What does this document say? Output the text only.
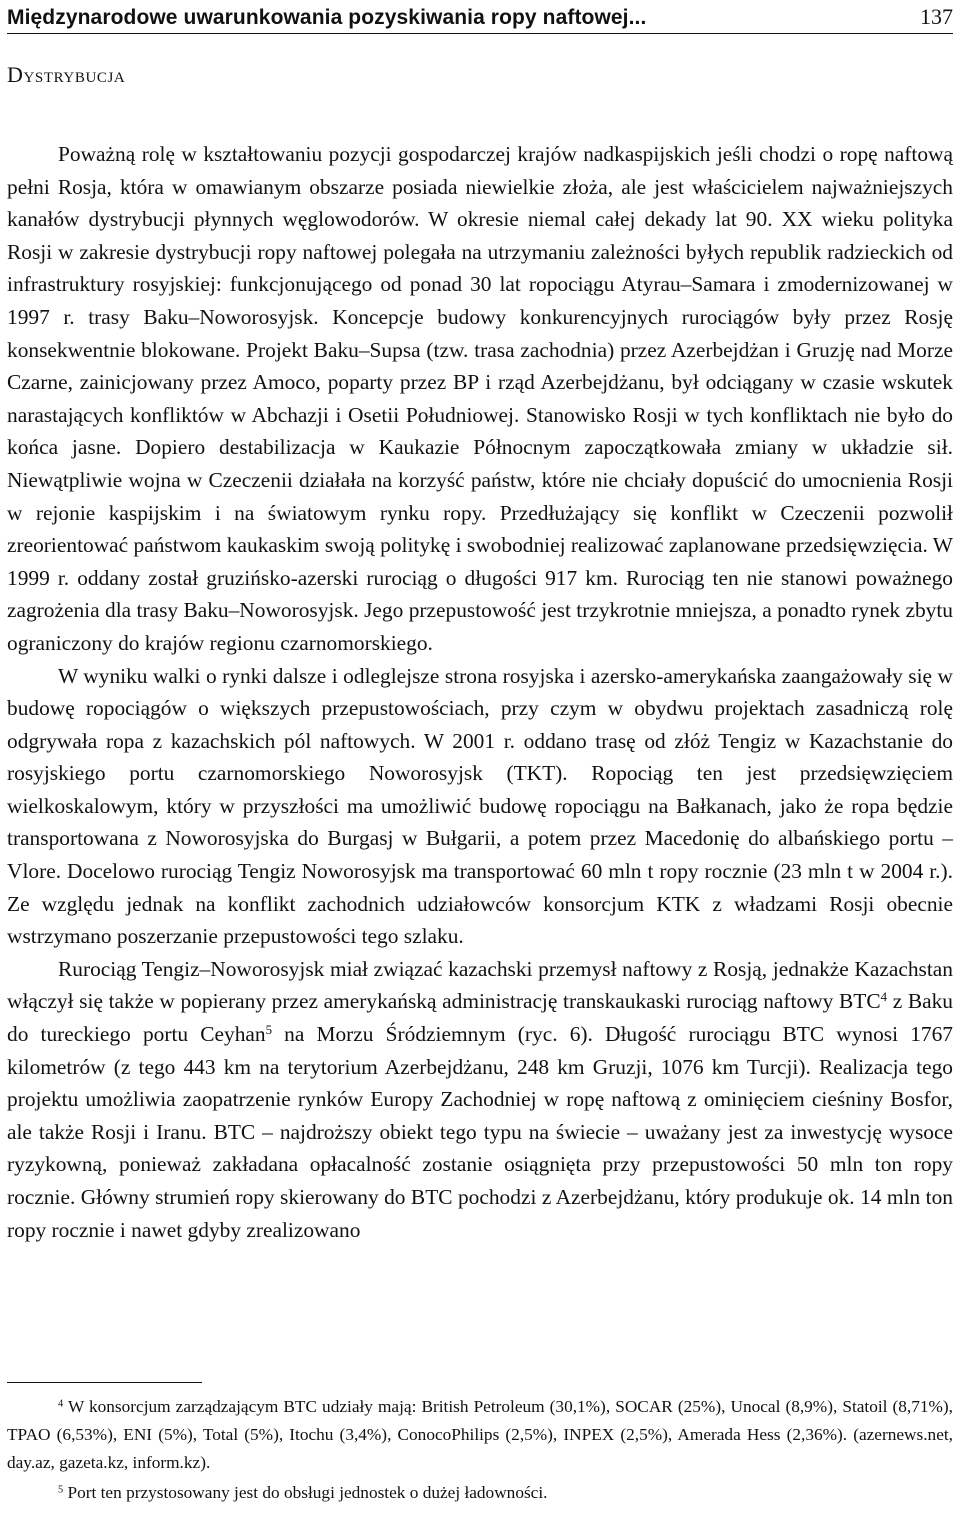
Międzynarodowe uwarunkowania pozyskiwania ropy naftowej...	137
Dystrybucja

Poważną rolę w kształtowaniu pozycji gospodarczej krajów nadkaspijskich jeśli chodzi o ropę naftową pełni Rosja, która w omawianym obszarze posiada niewielkie złoża, ale jest właścicielem najważniejszych kanałów dystrybucji płynnych węglowodorów. W okresie niemal całej dekady lat 90. XX wieku polityka Rosji w zakresie dystrybucji ropy naftowej polegała na utrzymaniu zależności byłych republik radzieckich od infrastruktury rosyjskiej: funkcjonującego od ponad 30 lat ropociągu Atyrau–Samara i zmodernizowanej w 1997 r. trasy Baku–Noworosyjsk. Koncepcje budowy konkurencyjnych rurociągów były przez Rosję konsekwentnie blokowane. Projekt Baku–Supsa (tzw. trasa zachodnia) przez Azerbejdżan i Gruzję nad Morze Czarne, zainicjowany przez Amoco, poparty przez BP i rząd Azerbejdżanu, był odciągany w czasie wskutek narastających konfliktów w Abchazji i Osetii Południowej. Stanowisko Rosji w tych konfliktach nie było do końca jasne. Dopiero destabilizacja w Kaukazie Północnym zapoczątkowała zmiany w układzie sił. Niewątpliwie wojna w Czeczenii działała na korzyść państw, które nie chciały dopuścić do umocnienia Rosji w rejonie kaspijskim i na światowym rynku ropy. Przedłużający się konflikt w Czeczenii pozwolił zreorientować państwom kaukaskim swoją politykę i swobodniej realizować zaplanowane przedsięwzięcia. W 1999 r. oddany został gruzińsko-azerski rurociąg o długości 917 km. Rurociąg ten nie stanowi poważnego zagrożenia dla trasy Baku–Noworosyjsk. Jego przepustowość jest trzykrotnie mniejsza, a ponadto rynek zbytu ograniczony do krajów regionu czarnomorskiego.

W wyniku walki o rynki dalsze i odleglejsze strona rosyjska i azersko-amerykańska zaangażowały się w budowę ropociągów o większych przepustowościach, przy czym w obydwu projektach zasadniczą rolę odgrywała ropa z kazachskich pól naftowych. W 2001 r. oddano trasę od złóż Tengiz w Kazachstanie do rosyjskiego portu czarnomorskiego Noworosyjsk (TKT). Ropociąg ten jest przedsięwzięciem wielkoskalowym, który w przyszłości ma umożliwić budowę ropociągu na Bałkanach, jako że ropa będzie transportowana z Noworosyjska do Burgasj w Bułgarii, a potem przez Macedonię do albańskiego portu – Vlore. Docelowo rurociąg Tengiz Noworosyjsk ma transportować 60 mln t ropy rocznie (23 mln t w 2004 r.). Ze względu jednak na konflikt zachodnich udziałowców konsorcjum KTK z władzami Rosji obecnie wstrzymano poszerzanie przepustowości tego szlaku.

Rurociąg Tengiz–Noworosyjsk miał związać kazachski przemysł naftowy z Rosją, jednakże Kazachstan włączył się także w popierany przez amerykańską administrację transkaukaski rurociąg naftowy BTC$^4$ z Baku do tureckiego portu Ceyhan$^5$ na Morzu Śródziemnym (ryc. 6). Długość rurociągu BTC wynosi 1767 kilometrów (z tego 443 km na terytorium Azerbejdżanu, 248 km Gruzji, 1076 km Turcji). Realizacja tego projektu umożliwia zaopatrzenie rynków Europy Zachodniej w ropę naftową z ominięciem cieśniny Bosfor, ale także Rosji i Iranu. BTC – najdroższy obiekt tego typu na świecie – uważany jest za inwestycję wysoce ryzykowną, ponieważ zakładana opłacalność zostanie osiągnięta przy przepustowości 50 mln ton ropy rocznie. Główny strumień ropy skierowany do BTC pochodzi z Azerbejdżanu, który produkuje ok. 14 mln ton ropy rocznie i nawet gdyby zrealizowano

$^4$ W konsorcjum zarządzającym BTC udziały mają: British Petroleum (30,1%), SOCAR (25%), Unocal (8,9%), Statoil (8,71%), TPAO (6,53%), ENI (5%), Total (5%), Itochu (3,4%), ConocoPhilips (2,5%), INPEX (2,5%), Amerada Hess (2,36%). (azernews.net, day.az, gazeta.kz, inform.kz).

$^5$ Port ten przystosowany jest do obsługi jednostek o dużej ładowności.
